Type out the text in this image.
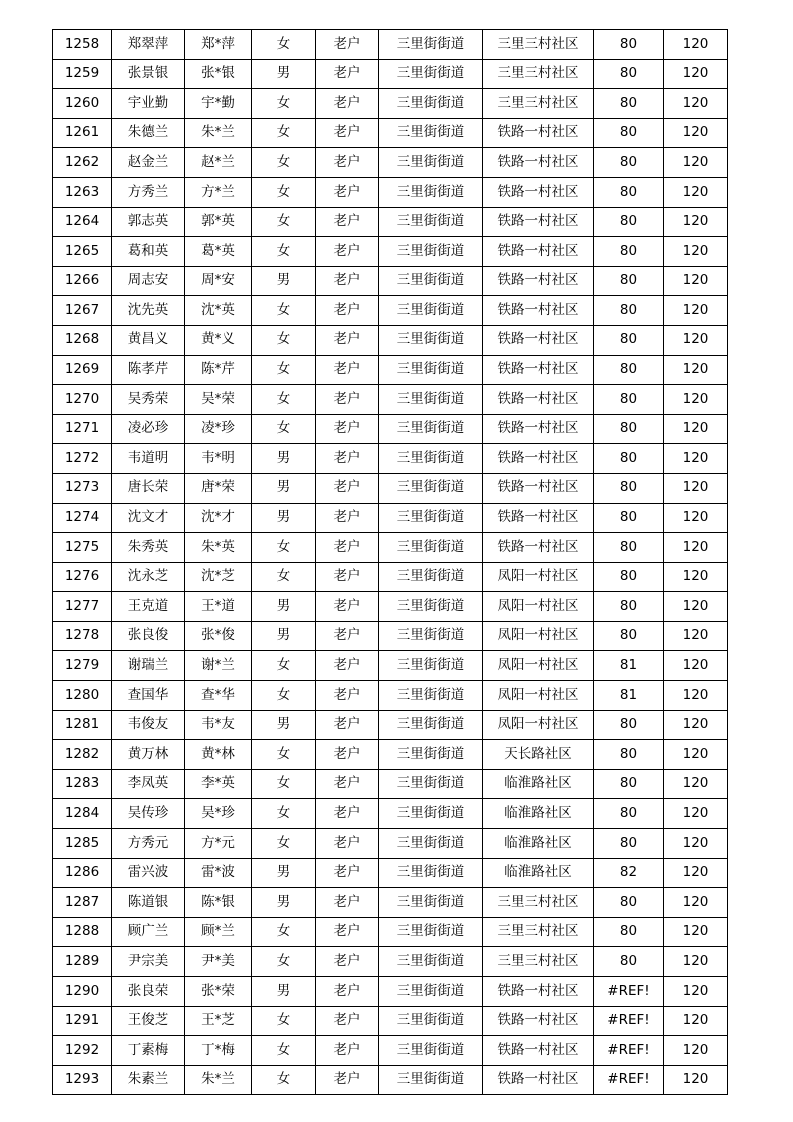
1258	郑翠萍	郑*萍	女	老户	三里街街道	三里三村社区	80	120
1259	张景银	张*银	男	老户	三里街街道	三里三村社区	80	120
1260	宇业勤	宇*勤	女	老户	三里街街道	三里三村社区	80	120
1261	朱德兰	朱*兰	女	老户	三里街街道	铁路一村社区	80	120
1262	赵金兰	赵*兰	女	老户	三里街街道	铁路一村社区	80	120
1263	方秀兰	方*兰	女	老户	三里街街道	铁路一村社区	80	120
1264	郭志英	郭*英	女	老户	三里街街道	铁路一村社区	80	120
1265	葛和英	葛*英	女	老户	三里街街道	铁路一村社区	80	120
1266	周志安	周*安	男	老户	三里街街道	铁路一村社区	80	120
1267	沈先英	沈*英	女	老户	三里街街道	铁路一村社区	80	120
1268	黄昌义	黄*义	女	老户	三里街街道	铁路一村社区	80	120
1269	陈孝芹	陈*芹	女	老户	三里街街道	铁路一村社区	80	120
1270	吴秀荣	吴*荣	女	老户	三里街街道	铁路一村社区	80	120
1271	凌必珍	凌*珍	女	老户	三里街街道	铁路一村社区	80	120
1272	韦道明	韦*明	男	老户	三里街街道	铁路一村社区	80	120
1273	唐长荣	唐*荣	男	老户	三里街街道	铁路一村社区	80	120
1274	沈文才	沈*才	男	老户	三里街街道	铁路一村社区	80	120
1275	朱秀英	朱*英	女	老户	三里街街道	铁路一村社区	80	120
1276	沈永芝	沈*芝	女	老户	三里街街道	凤阳一村社区	80	120
1277	王克道	王*道	男	老户	三里街街道	凤阳一村社区	80	120
1278	张良俊	张*俊	男	老户	三里街街道	凤阳一村社区	80	120
1279	谢瑞兰	谢*兰	女	老户	三里街街道	凤阳一村社区	81	120
1280	查国华	查*华	女	老户	三里街街道	凤阳一村社区	81	120
1281	韦俊友	韦*友	男	老户	三里街街道	凤阳一村社区	80	120
1282	黄万林	黄*林	女	老户	三里街街道	天长路社区	80	120
1283	李凤英	李*英	女	老户	三里街街道	临淮路社区	80	120
1284	吴传珍	吴*珍	女	老户	三里街街道	临淮路社区	80	120
1285	方秀元	方*元	女	老户	三里街街道	临淮路社区	80	120
1286	雷兴波	雷*波	男	老户	三里街街道	临淮路社区	82	120
1287	陈道银	陈*银	男	老户	三里街街道	三里三村社区	80	120
1288	顾广兰	顾*兰	女	老户	三里街街道	三里三村社区	80	120
1289	尹宗美	尹*美	女	老户	三里街街道	三里三村社区	80	120
1290	张良荣	张*荣	男	老户	三里街街道	铁路一村社区	#REF!	120
1291	王俊芝	王*芝	女	老户	三里街街道	铁路一村社区	#REF!	120
1292	丁素梅	丁*梅	女	老户	三里街街道	铁路一村社区	#REF!	120
1293	朱素兰	朱*兰	女	老户	三里街街道	铁路一村社区	#REF!	120
